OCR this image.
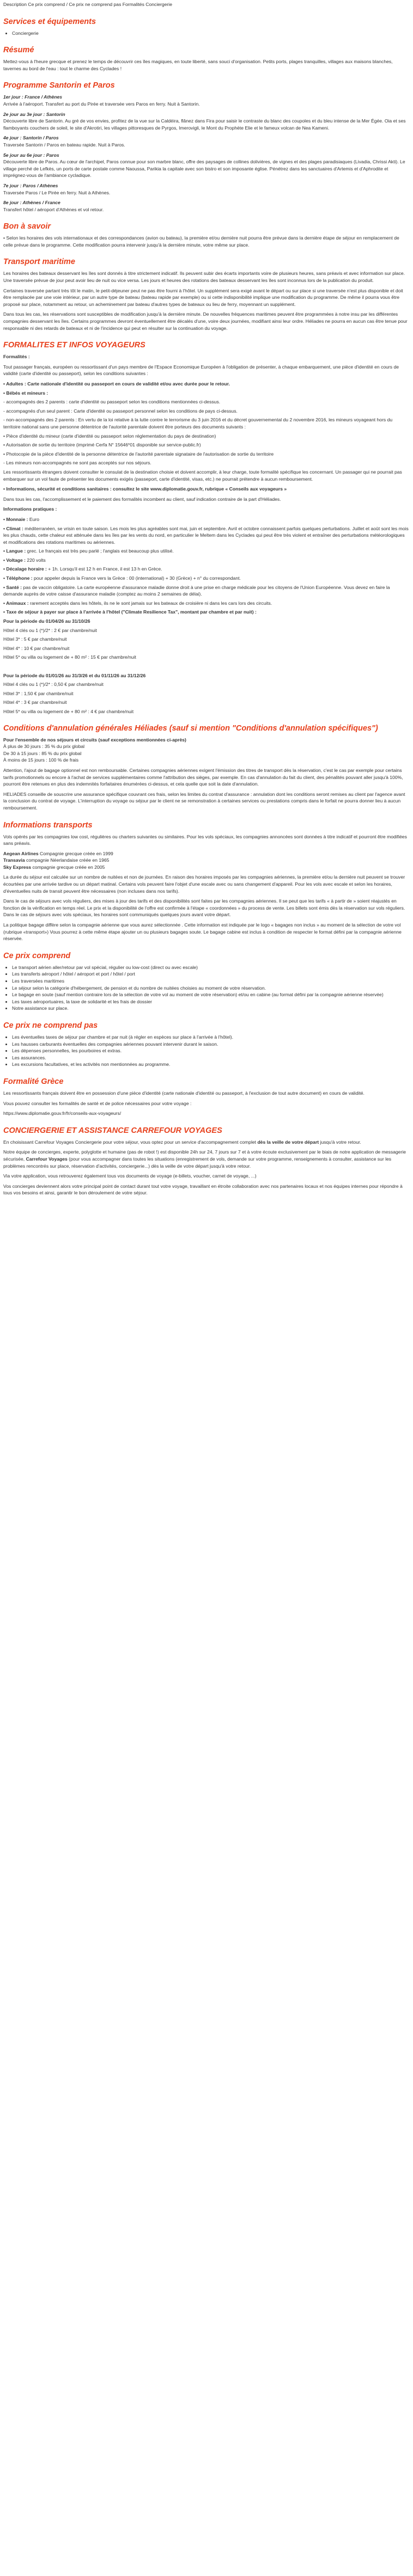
Description Ce prix comprend / Ce prix ne comprend pas Formalités Conciergerie

Services et équipements
• Conciergerie
Résumé

Mettez-vous à l'heure grecque et prenez le temps de découvrir ces îles magiques, en toute liberté, sans souci d'organisation. Petits ports, plages tranquilles, villages aux maisons blanches, tavernes au bord de l'eau : tout le charme des Cyclades !

Programme Santorin et Paros
1er jour : France / Athènes
Arrivée à l'aéroport. Transfert au port du Pirée et traversée vers Paros en ferry. Nuit à Santorin.
2e jour au 3e jour : Santorin
Découverte libre de Santorin. Au gré de vos envies, profitez de la vue sur la Caldéira, flânez dans Fira pour saisir le contraste du blanc des coupoles et du bleu intense de la Mer Égée. Oia et ses flamboyants couchers de soleil, le site d'Akrotiri, les villages pittoresques de Pyrgos, Imerovigli, le Mont du Prophète Elie et le fameux volcan de Nea Kameni.
4e jour : Santorin / Paros
Traversée Santorin / Paros en bateau rapide. Nuit à Paros.
5e jour au 6e jour : Paros
Découverte libre de Paros. Au cœur de l'archipel, Paros connue pour son marbre blanc, offre des paysages de collines dolivières, de vignes et des plages paradisiaques (Livadia, Chrissi Akti). Le village perché de Lefkès, un ports de carte postale comme Naoussa, Parikia la capitale avec son bistro et son imposante église. Pénétrez dans les sanctuaires d'Artemis et d'Aphrodite et imprégnez-vous de l'ambiance cycladique.
7e jour : Paros / Athènes
Traversée Paros / Le Pirée en ferry. Nuit à Athènes.
8e jour : Athènes / France
Transfert hôtel / aéroport d'Athènes et vol retour.
Bon à savoir

• Selon les horaires des vols internationaux et des correspondances (avion ou bateau), la première et/ou dernière nuit pourra être prévue dans la dernière étape de séjour en remplacement de celle prévue dans le programme. Cette modification pourra intervenir jusqu'à la dernière minute, votre même sur place.

Transport maritime

Les horaires des bateaux desservant les îles sont donnés à titre strictement indicatif. Ils peuvent subir des écarts importants voire de plusieurs heures, sans préavis et avec information sur place. Une traversée prévue de jour peut avoir lieu de nuit ou vice versa. Les jours et heures des rotations des bateaux desservant les îles sont inconnus lors de la publication du produit.

Certaines traversée partant très tôt le matin, le petit-déjeuner peut ne pas être fourni à l'hôtel. Un supplément sera exigé avant le départ ou sur place si une traversée n'est plus disponible et doit être remplacée par une voie intérieur, par un autre type de bateau (bateau rapide par exemple) ou si cette indisponibilité implique une modification du programme. De même il pourra vous être proposé sur place, notamment au retour, un acheminement par bateau d'autres types de bateaux ou lieu de ferry, moyennant un supplément.

Dans tous les cas, les réservations sont susceptibles de modification jusqu'à la dernière minute. De nouvelles fréquences maritimes peuvent être programmées à notre insu par les différentes compagnies desservant les îles. Certains programmes devront éventuellement être décalés d'une, voire deux journées, modifiant ainsi leur ordre. Héliades ne pourra en aucun cas être tenue pour responsable ni des retards de bateaux et ni de l'incidence qui peut en résulter sur la continuation du voyage.

FORMALITES ET INFOS VOYAGEURS

Formalités :

Tout passager français, européen ou ressortissant d'un pays membre de l'Espace Economique Européen à l'obligation de présenter, à chaque embarquement, une pièce d'identité en cours de validité (carte d'identité ou passeport), selon les conditions suivantes :

• Adultes : Carte nationale d'identité ou passeport en cours de validité et/ou avec durée pour le retour.
• Bébés et mineurs :
- accompagnés des 2 parents : carte d'identité ou passeport selon les conditions mentionnées ci-dessus.
- accompagnés d'un seul parent : Carte d'identité ou passeport personnel selon les conditions de pays ci-dessus.
- non-accompagnés des 2 parents : En vertu de la loi relative à la lutte contre le terrorisme du 3 juin 2016 et du décret gouvernemental du 2 novembre 2016, les mineurs voyageant hors du territoire national sans une personne détentrice de l'autorité parentale doivent être porteurs des documents suivants :
• Pièce d'identité du mineur (carte d'identité ou passeport selon réglementation du pays de destination)
• Autorisation de sortie du territoire (imprimé Cerfa N° 15646*01 disponible sur service-public.fr)
• Photocopie de la pièce d'identité de la personne détentrice de l'autorité parentale signataire de l'autorisation de sortie du territoire
- Les mineurs non-accompagnés ne sont pas acceptés sur nos séjours.

Les ressortissants étrangers doivent consulter le consulat de la destination choisie et doivent accomplir, à leur charge, toute formalité spécifique les concernant. Un passager qui ne pourrait pas embarquer sur un vol faute de présenter les documents exigés (passeport, carte d'identité, visas, etc.) ne pourrait prétendre à aucun remboursement.

• Informations, sécurité et conditions sanitaires : consultez le site www.diplomatie.gouv.fr, rubrique « Conseils aux voyageurs »

Dans tous les cas, l'accomplissement et le paiement des formalités incombent au client, sauf indication contraire de la part d'Héliades.

Informations pratiques :

• Monnaie : Euro
• Climat : méditerranéen, se vrisin en toute saison. Les mois les plus agréables sont mai, juin et septembre. Avril et octobre connaissent parfois quelques perturbations. Juillet et août sont les mois les plus chauds, cette chaleur est atténuée dans les îles par les vents du nord, en particulier le Meltem dans les Cyclades qui peut être très violent et entraîner des perturbations météorologiques et modifications des rotations maritimes ou aériennes.
• Langue : grec. Le français est très peu parlé ; l'anglais est beaucoup plus utilisé.
• Voltage : 220 volts
• Décalage horaire : + 1h. Lorsqu'il est 12 h en France, il est 13 h en Grèce.
• Téléphone : pour appeler depuis la France vers la Grèce : 00 (international) + 30 (Grèce) + n° du correspondant.
• Santé : pas de vaccin obligatoire. La carte européenne d'assurance maladie donne droit à une prise en charge médicale pour les citoyens de l'Union Européenne. Vous devez en faire la demande auprès de votre caisse d'assurance maladie (comptez au moins 2 semaines de délai).
• Animaux : rarement acceptés dans les hôtels, ils ne le sont jamais sur les bateaux de croisière ni dans les cars lors des circuits.
• Taxe de séjour à payer sur place à l'arrivée à l'hôtel ("Climate Resilience Tax", montant par chambre et par nuit) :
Pour la période du 01/04/26 au 31/10/26
Hôtel 4 clés ou 1 (*)/2* : 2 € par chambre/nuit
Hôtel 3* : 5 € par chambre/nuit
Hôtel 4* : 10 € par chambre/nuit
Hôtel 5* ou villa ou logement de + 80 m² : 15 € par chambre/nuit

Pour la période du 01/01/26 au 31/3/26 et du 01/11/26 au 31/12/26
Hôtel 4 clés ou 1 (*)/2* : 0,50 € par chambre/nuit
Hôtel 3* : 1,50 € par chambre/nuit
Hôtel 4* : 3 € par chambre/nuit
Hôtel 5* ou villa ou logement de + 80 m² : 4 € par chambre/nuit
Conditions d'annulation générales Héliades (sauf si mention "Conditions d'annulation spécifiques")
Pour l'ensemble de nos séjours et circuits (sauf exceptions mentionnées ci-après)
À plus de 30 jours : 35 % du prix global
De 30 à 15 jours : 85 % du prix global
À moins de 15 jours : 100 % de frais

Attention, l'ajout de bagage optionnel est non remboursable. Certaines compagnies aériennes exigent l'émission des titres de transport dès la réservation, c'est le cas par exemple pour certains tarifs promotionnels ou encore à l'achat de services supplémentaires comme l'attribution des sièges, par exemple. En cas d'annulation du fait du client, des pénalités pouvant aller jusqu'à 100%, pourront être retenues en plus des indemnités forfaitaires énumérées ci-dessus, et cela quelle que soit la date d'annulation.

HELIADES conseille de souscrire une assurance spécifique couvrant ces frais, selon les limites du contrat d'assurance : annulation dont les conditions seront remises au client par l'agence avant la conclusion du contrat de voyage. L'interruption du voyage ou séjour par le client ne se remonstration à certaines services ou prestations compris dans le forfait ne pourra donner lieu à aucun remboursement.

Informations transports

Vols opérés par les compagnies low cost, régulières ou charters suivantes ou similaires. Pour les vols spéciaux, les compagnies annoncées sont données à titre indicatif et pourront être modifiées sans préavis.

Aegean Airlines Compagnie grecque créée en 1999
Transavia compagnie Néerlandaise créée en 1965
Sky Express compagnie grecque créée en 2005

La durée du séjour est calculée sur un nombre de nuitées et non de journées. En raison des horaires imposés par les compagnies aériennes, la première et/ou la dernière nuit peuvent se trouver écourtées par une arrivée tardive ou un départ matinal. Certains vols peuvent faire l'objet d'une escale avec ou sans changement d'appareil. Pour les vols avec escale et selon les horaires, d'éventuelles nuits de transit peuvent être nécessaires (non incluses dans nos tarifs).

Dans le cas de séjours avec vols réguliers, des mises à jour des tarifs et des disponibilités sont faites par les compagnies aériennes. Il se peut que les tarifs « à partir de » soient réajustés en fonction de la vérification en temps réel. Le prix et la disponibilité de l'offre est confirmée à l'étape « coordonnées » du process de vente. Les billets sont émis dès la réservation sur vols réguliers. Dans le cas de séjours avec vols spéciaux, les horaires sont communiqués quelques jours avant votre départ.

La politique bagage diffère selon la compagnie aérienne que vous aurez sélectionnée . Cette information est indiquée par le logo « bagages non inclus » au moment de la sélection de votre vol (rubrique «transport») Vous pourrez à cette même étape ajouter un ou plusieurs bagages soute. Le bagage cabine est inclus à condition de respecter le format défini par la compagnie aérienne réservée.

Ce prix comprend
• Le transport aérien aller/retour par vol spécial, régulier ou low-cost (direct ou avec escale)
• Les transferts aéroport / hôtel / aéroport et port / hôtel / port
• Les traversées maritimes
• Le séjour selon la catégorie d'hébergement, de pension et du nombre de nuitées choisies au moment de votre réservation.
• Le bagage en soute (sauf mention contraire lors de la sélection de votre vol au moment de votre réservation) et/ou en cabine (au format défini par la compagnie aérienne réservée)
• Les taxes aéroportuaires, la taxe de solidarité et les frais de dossier
• Notre assistance sur place.
Ce prix ne comprend pas
• Les éventuelles taxes de séjour par chambre et par nuit (à régler en espèces sur place à l'arrivée à l'hôtel).
• Les hausses carburants éventuelles des compagnies aériennes pouvant intervenir durant le saison.
• Les dépenses personnelles, les pourboires et extras.
• Les assurances.
• Les excursions facultatives, et les activités non mentionnées au programme.
Formalité Grèce

Les ressortissants français doivent être en possession d'une pièce d'identité (carte nationale d'identité ou passeport, à l'exclusion de tout autre document) en cours de validité.

Vous pouvez consulter les formalités de santé et de police nécessaires pour votre voyage :

https://www.diplomatie.gouv.fr/fr/conseils-aux-voyageurs/
CONCIERGERIE ET ASSISTANCE CARREFOUR VOYAGES

En choisissant Carrefour Voyages Conciergerie pour votre séjour, vous optez pour un service d'accompagnement complet dès la veille de votre départ jusqu'à votre retour.

Notre équipe de concierges, experte, polyglotte et humaine (pas de robot !) est disponible 24h sur 24, 7 jours sur 7 et à votre écoute exclusivement par le biais de notre application de messagerie sécurisée, Carrefour Voyages (pour vous accompagner dans toutes les situations (enregistrement de vols, demande sur votre programme, renseignements à consulter, assistance sur les problèmes rencontrés sur place, réservation d'activités, conciergerie...) dès la veille de votre départ jusqu'à votre retour.

Via votre application, vous retrouverez également tous vos documents de voyage (e-billets, voucher, carnet de voyage, ...)

Vos concierges deviennent alors votre principal point de contact durant tout votre voyage, travaillant en étroite collaboration avec nos partenaires locaux et nos équipes internes pour répondre à tous vos besoins et ainsi, garantir le bon déroulement de votre séjour.
